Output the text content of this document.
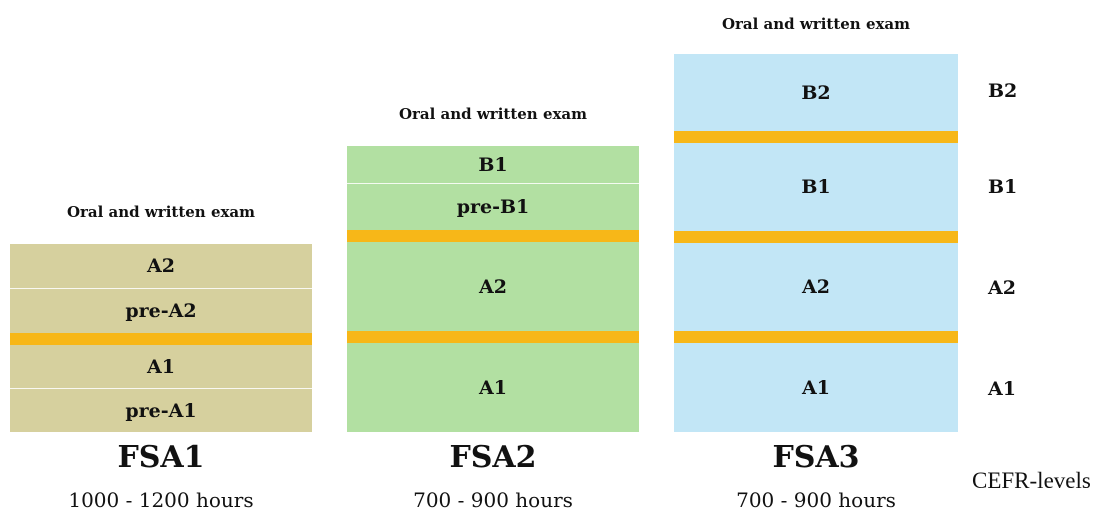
Oral and written exam
A2
pre-A2
A1
pre-A1
FSA1
1000 - 1200 hours
Oral and written exam
B1
pre-B1
A2
A1
FSA2
700 - 900 hours
Oral and written exam
B2
B1
A2
A1
FSA3
700 - 900 hours
B2
B1
A2
A1
CEFR-levels
